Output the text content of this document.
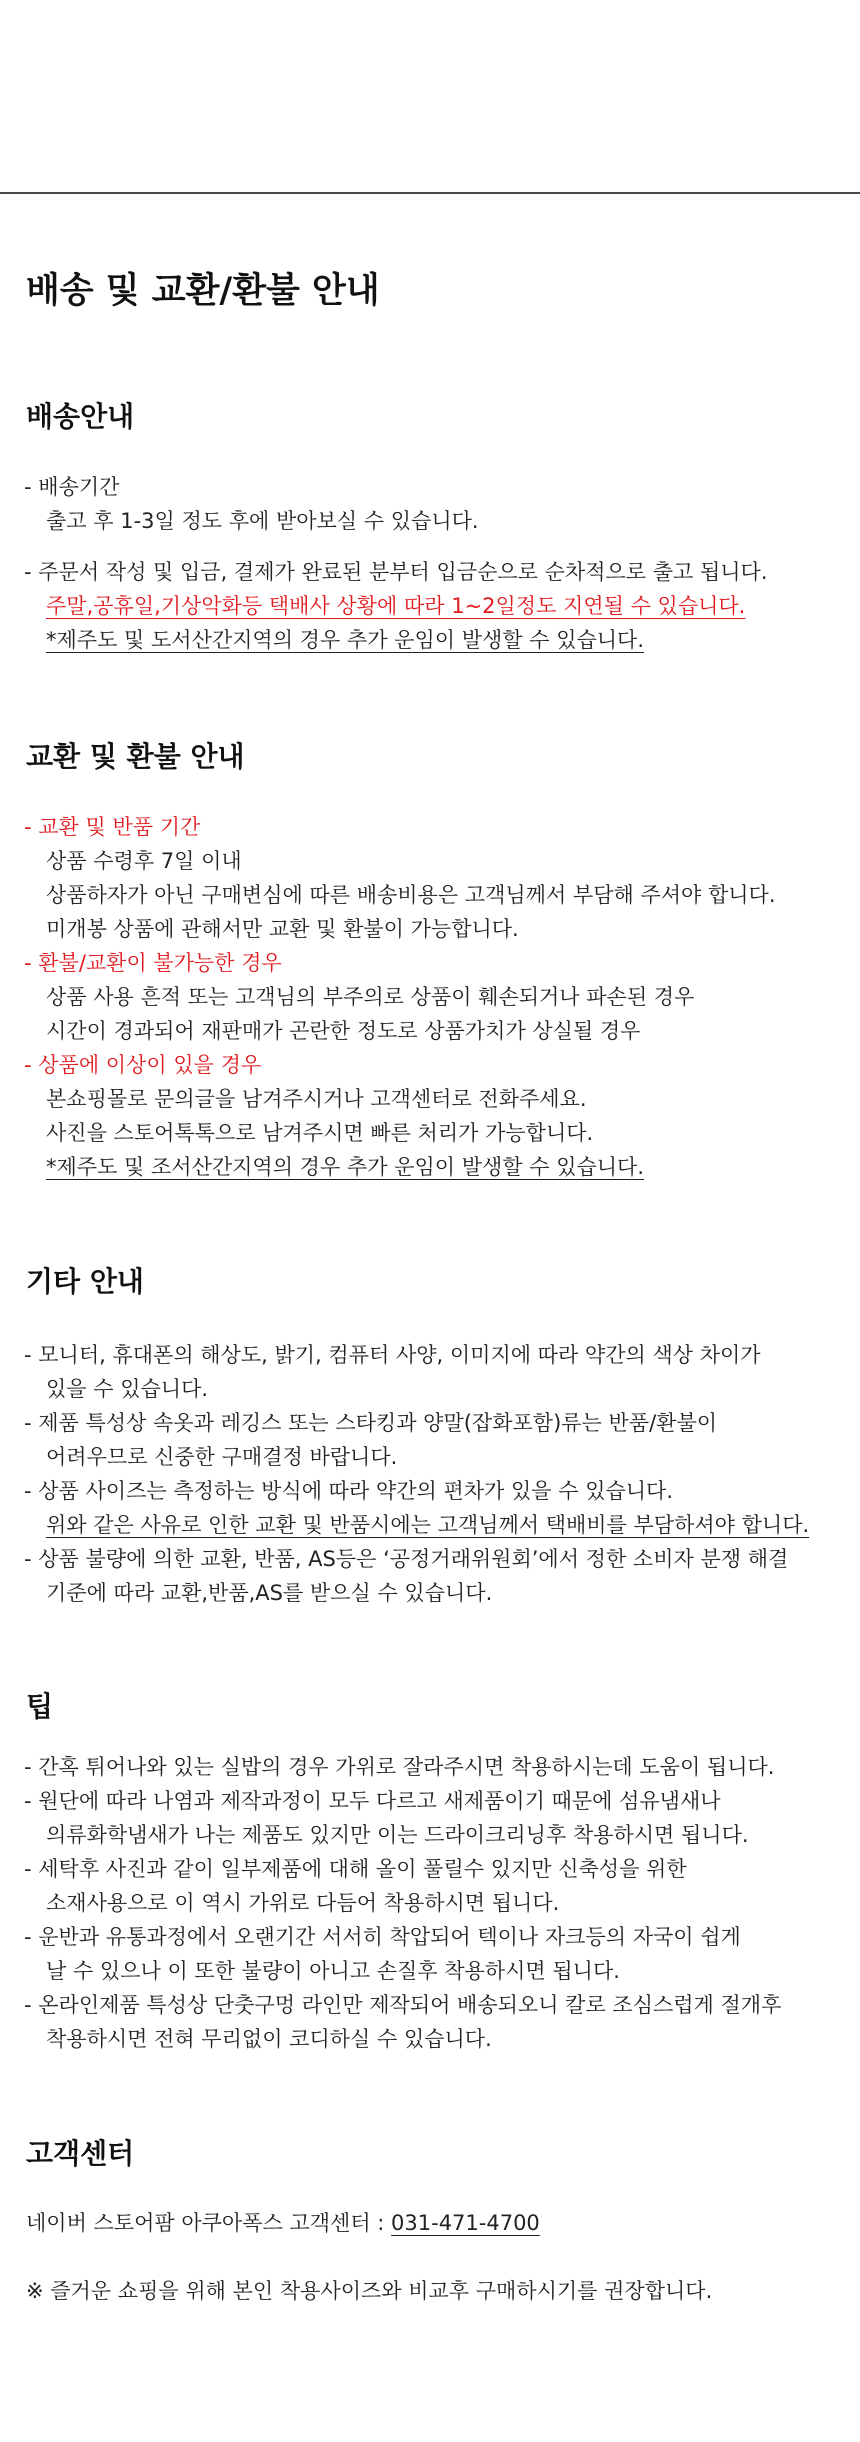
배송 및 교환/환불 안내
배송안내
- 배송기간
출고 후 1-3일 정도 후에 받아보실 수 있습니다.
- 주문서 작성 및 입금, 결제가 완료된 분부터 입금순으로 순차적으로 출고 됩니다.
주말,공휴일,기상악화등 택배사 상황에 따라 1~2일정도 지연될 수 있습니다.
*제주도 및 도서산간지역의 경우 추가 운임이 발생할 수 있습니다.
교환 및 환불 안내
- 교환 및 반품 기간
상품 수령후 7일 이내
상품하자가 아닌 구매변심에 따른 배송비용은 고객님께서 부담해 주셔야 합니다.
미개봉 상품에 관해서만 교환 및 환불이 가능합니다.
- 환불/교환이 불가능한 경우
상품 사용 흔적 또는 고객님의 부주의로 상품이 훼손되거나 파손된 경우
시간이 경과되어 재판매가 곤란한 정도로 상품가치가 상실될 경우
- 상품에 이상이 있을 경우
본쇼핑몰로 문의글을 남겨주시거나 고객센터로 전화주세요.
사진을 스토어톡톡으로 남겨주시면 빠른 처리가 가능합니다.
*제주도 및 조서산간지역의 경우 추가 운임이 발생할 수 있습니다.
기타 안내
- 모니터, 휴대폰의 해상도, 밝기, 컴퓨터 사양, 이미지에 따라 약간의 색상 차이가
있을 수 있습니다.
- 제품 특성상 속옷과 레깅스 또는 스타킹과 양말(잡화포함)류는 반품/환불이
어려우므로 신중한 구매결정 바랍니다.
- 상품 사이즈는 측정하는 방식에 따라 약간의 편차가 있을 수 있습니다.
위와 같은 사유로 인한 교환 및 반품시에는 고객님께서 택배비를 부담하셔야 합니다.
- 상품 불량에 의한 교환, 반품, AS등은 ‘공정거래위원회’에서 정한 소비자 분쟁 해결
기준에 따라 교환,반품,AS를 받으실 수 있습니다.
팁
- 간혹 튀어나와 있는 실밥의 경우 가위로 잘라주시면 착용하시는데 도움이 됩니다.
- 원단에 따라 나염과 제작과정이 모두 다르고 새제품이기 때문에 섬유냄새나
의류화학냄새가 나는 제품도 있지만 이는 드라이크리닝후 착용하시면 됩니다.
- 세탁후 사진과 같이 일부제품에 대해 올이 풀릴수 있지만 신축성을 위한
소재사용으로 이 역시 가위로 다듬어 착용하시면 됩니다.
- 운반과 유통과정에서 오랜기간 서서히 착압되어 텍이나 자크등의 자국이 쉽게
날 수 있으나 이 또한 불량이 아니고 손질후 착용하시면 됩니다.
- 온라인제품 특성상 단춧구멍 라인만 제작되어 배송되오니 칼로 조심스럽게 절개후
착용하시면 전혀 무리없이 코디하실 수 있습니다.
고객센터
네이버 스토어팜 아쿠아폭스 고객센터 : 031-471-4700
※ 즐거운 쇼핑을 위해 본인 착용사이즈와 비교후 구매하시기를 권장합니다.
